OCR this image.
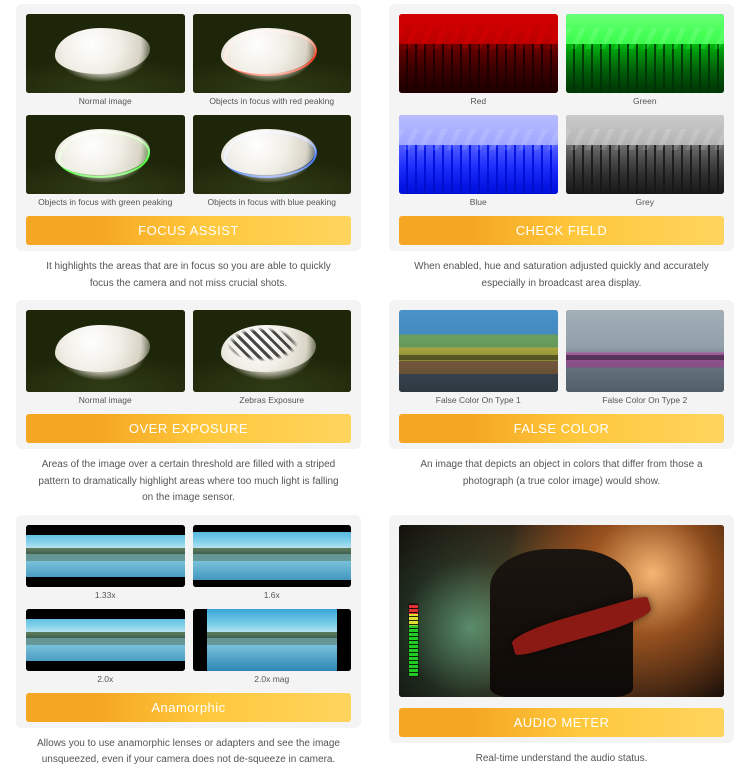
Normal image	Objects in focus with red peaking
Objects in focus with green peaking	Objects in focus with blue peaking
FOCUS ASSIST
It highlights the areas that are in focus so you are able to quickly focus the camera and not miss crucial shots.
Red	Green
Blue	Grey
CHECK FIELD
When enabled, hue and saturation adjusted quickly and accurately especially in broadcast area display.
Normal image	Zebras Exposure
OVER EXPOSURE
Areas of the image over a certain threshold are filled with a striped pattern to dramatically highlight areas where too much light is falling on the image sensor.
False Color On Type 1	False Color On Type 2
FALSE COLOR
An image that depicts an object in colors that differ from those a photograph (a true color image) would show.
1.33x	1.6x
2.0x	2.0x mag
Anamorphic
Allows you to use anamorphic lenses or adapters and see the image unsqueezed, even if your camera does not de-squeeze in camera.
AUDIO METER
Real-time understand the audio status.
